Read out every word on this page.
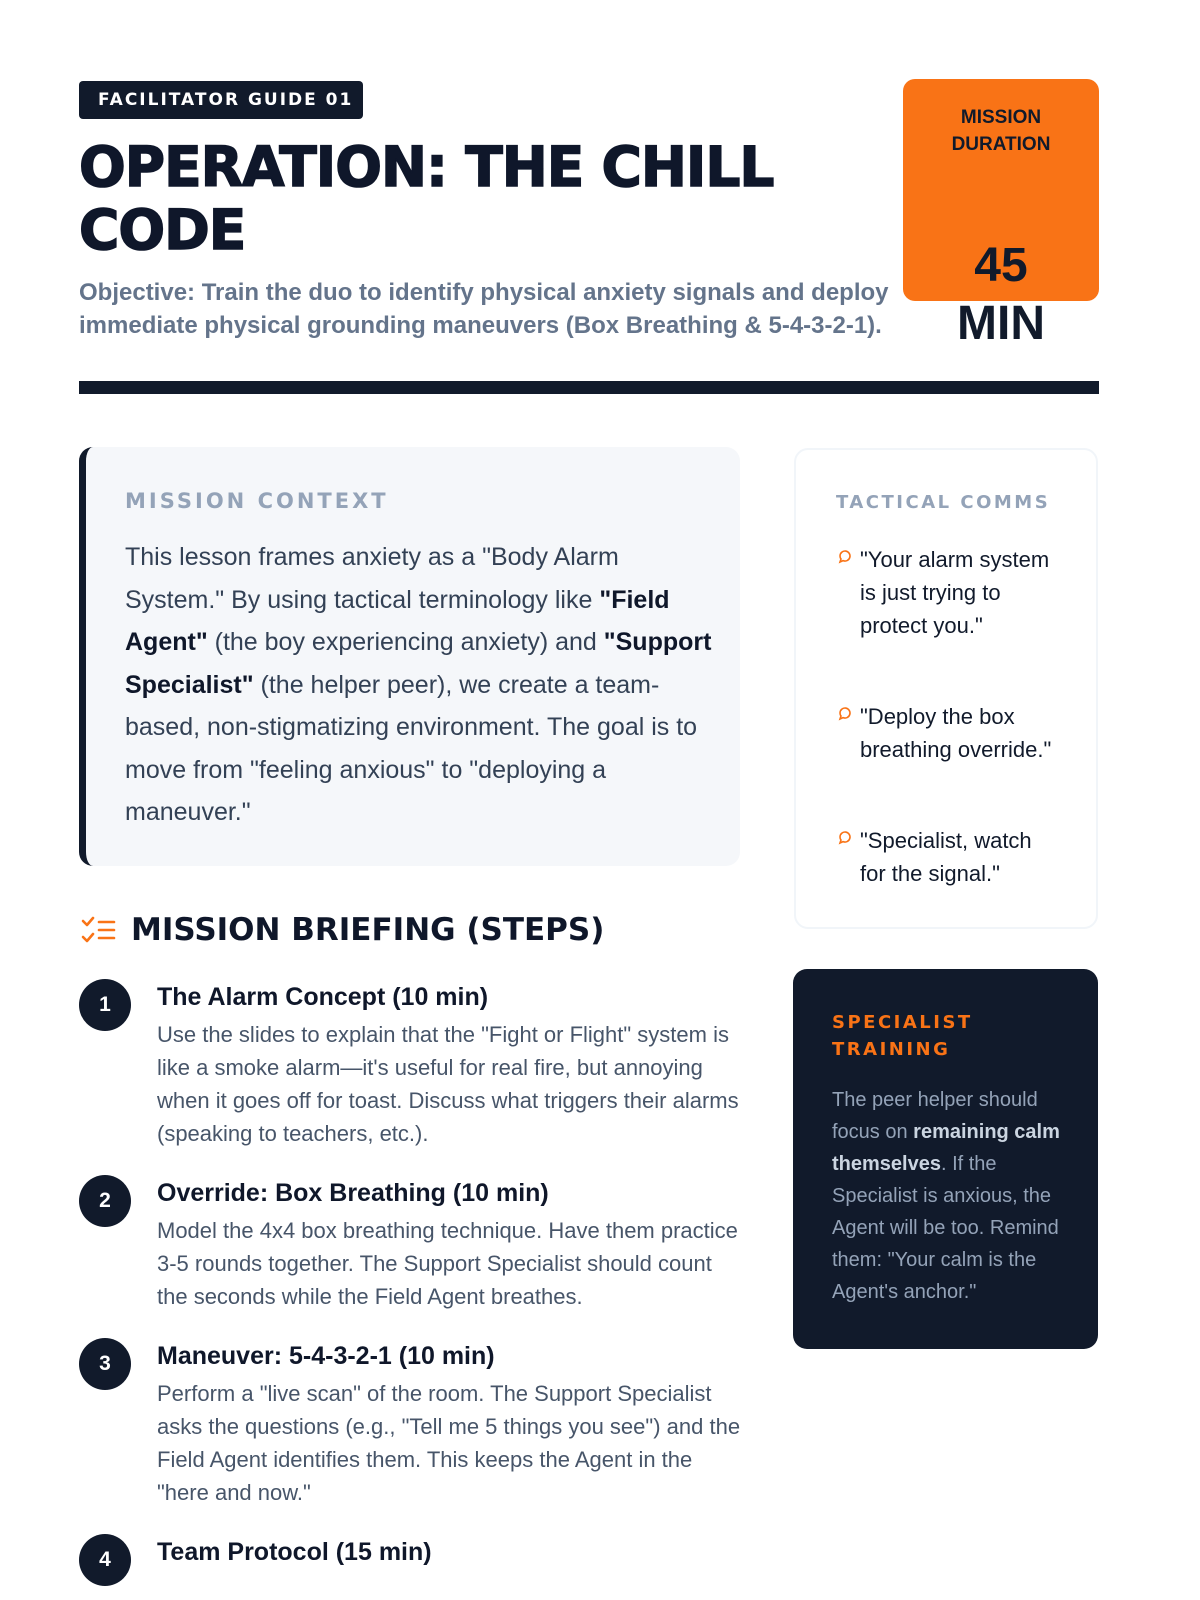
FACILITATOR GUIDE 01
OPERATION: THE CHILL CODE

Objective: Train the duo to identify physical anxiety signals and deploy immediate physical grounding maneuvers (Box Breathing & 5-4-3-2-1).

MISSION DURATION
45
MIN
MISSION CONTEXT

This lesson frames anxiety as a "Body Alarm System." By using tactical terminology like "Field Agent" (the boy experiencing anxiety) and "Support Specialist" (the helper peer), we create a team-based, non-stigmatizing environment. The goal is to move from "feeling anxious" to "deploying a maneuver."

TACTICAL COMMS
"Your alarm system is just trying to protect you."
"Deploy the box breathing override."
"Specialist, watch for the signal."
MISSION BRIEFING (STEPS)
1	The Alarm Concept (10 min)
Use the slides to explain that the "Fight or Flight" system is like a smoke alarm—it's useful for real fire, but annoying when it goes off for toast. Discuss what triggers their alarms (speaking to teachers, etc.).
2	Override: Box Breathing (10 min)
Model the 4x4 box breathing technique. Have them practice 3-5 rounds together. The Support Specialist should count the seconds while the Field Agent breathes.
3	Maneuver: 5-4-3-2-1 (10 min)
Perform a "live scan" of the room. The Support Specialist asks the questions (e.g., "Tell me 5 things you see") and the Field Agent identifies them. This keeps the Agent in the "here and now."
4	Team Protocol (15 min)
SPECIALIST TRAINING

The peer helper should focus on remaining calm themselves. If the Specialist is anxious, the Agent will be too. Remind them: "Your calm is the Agent's anchor."
